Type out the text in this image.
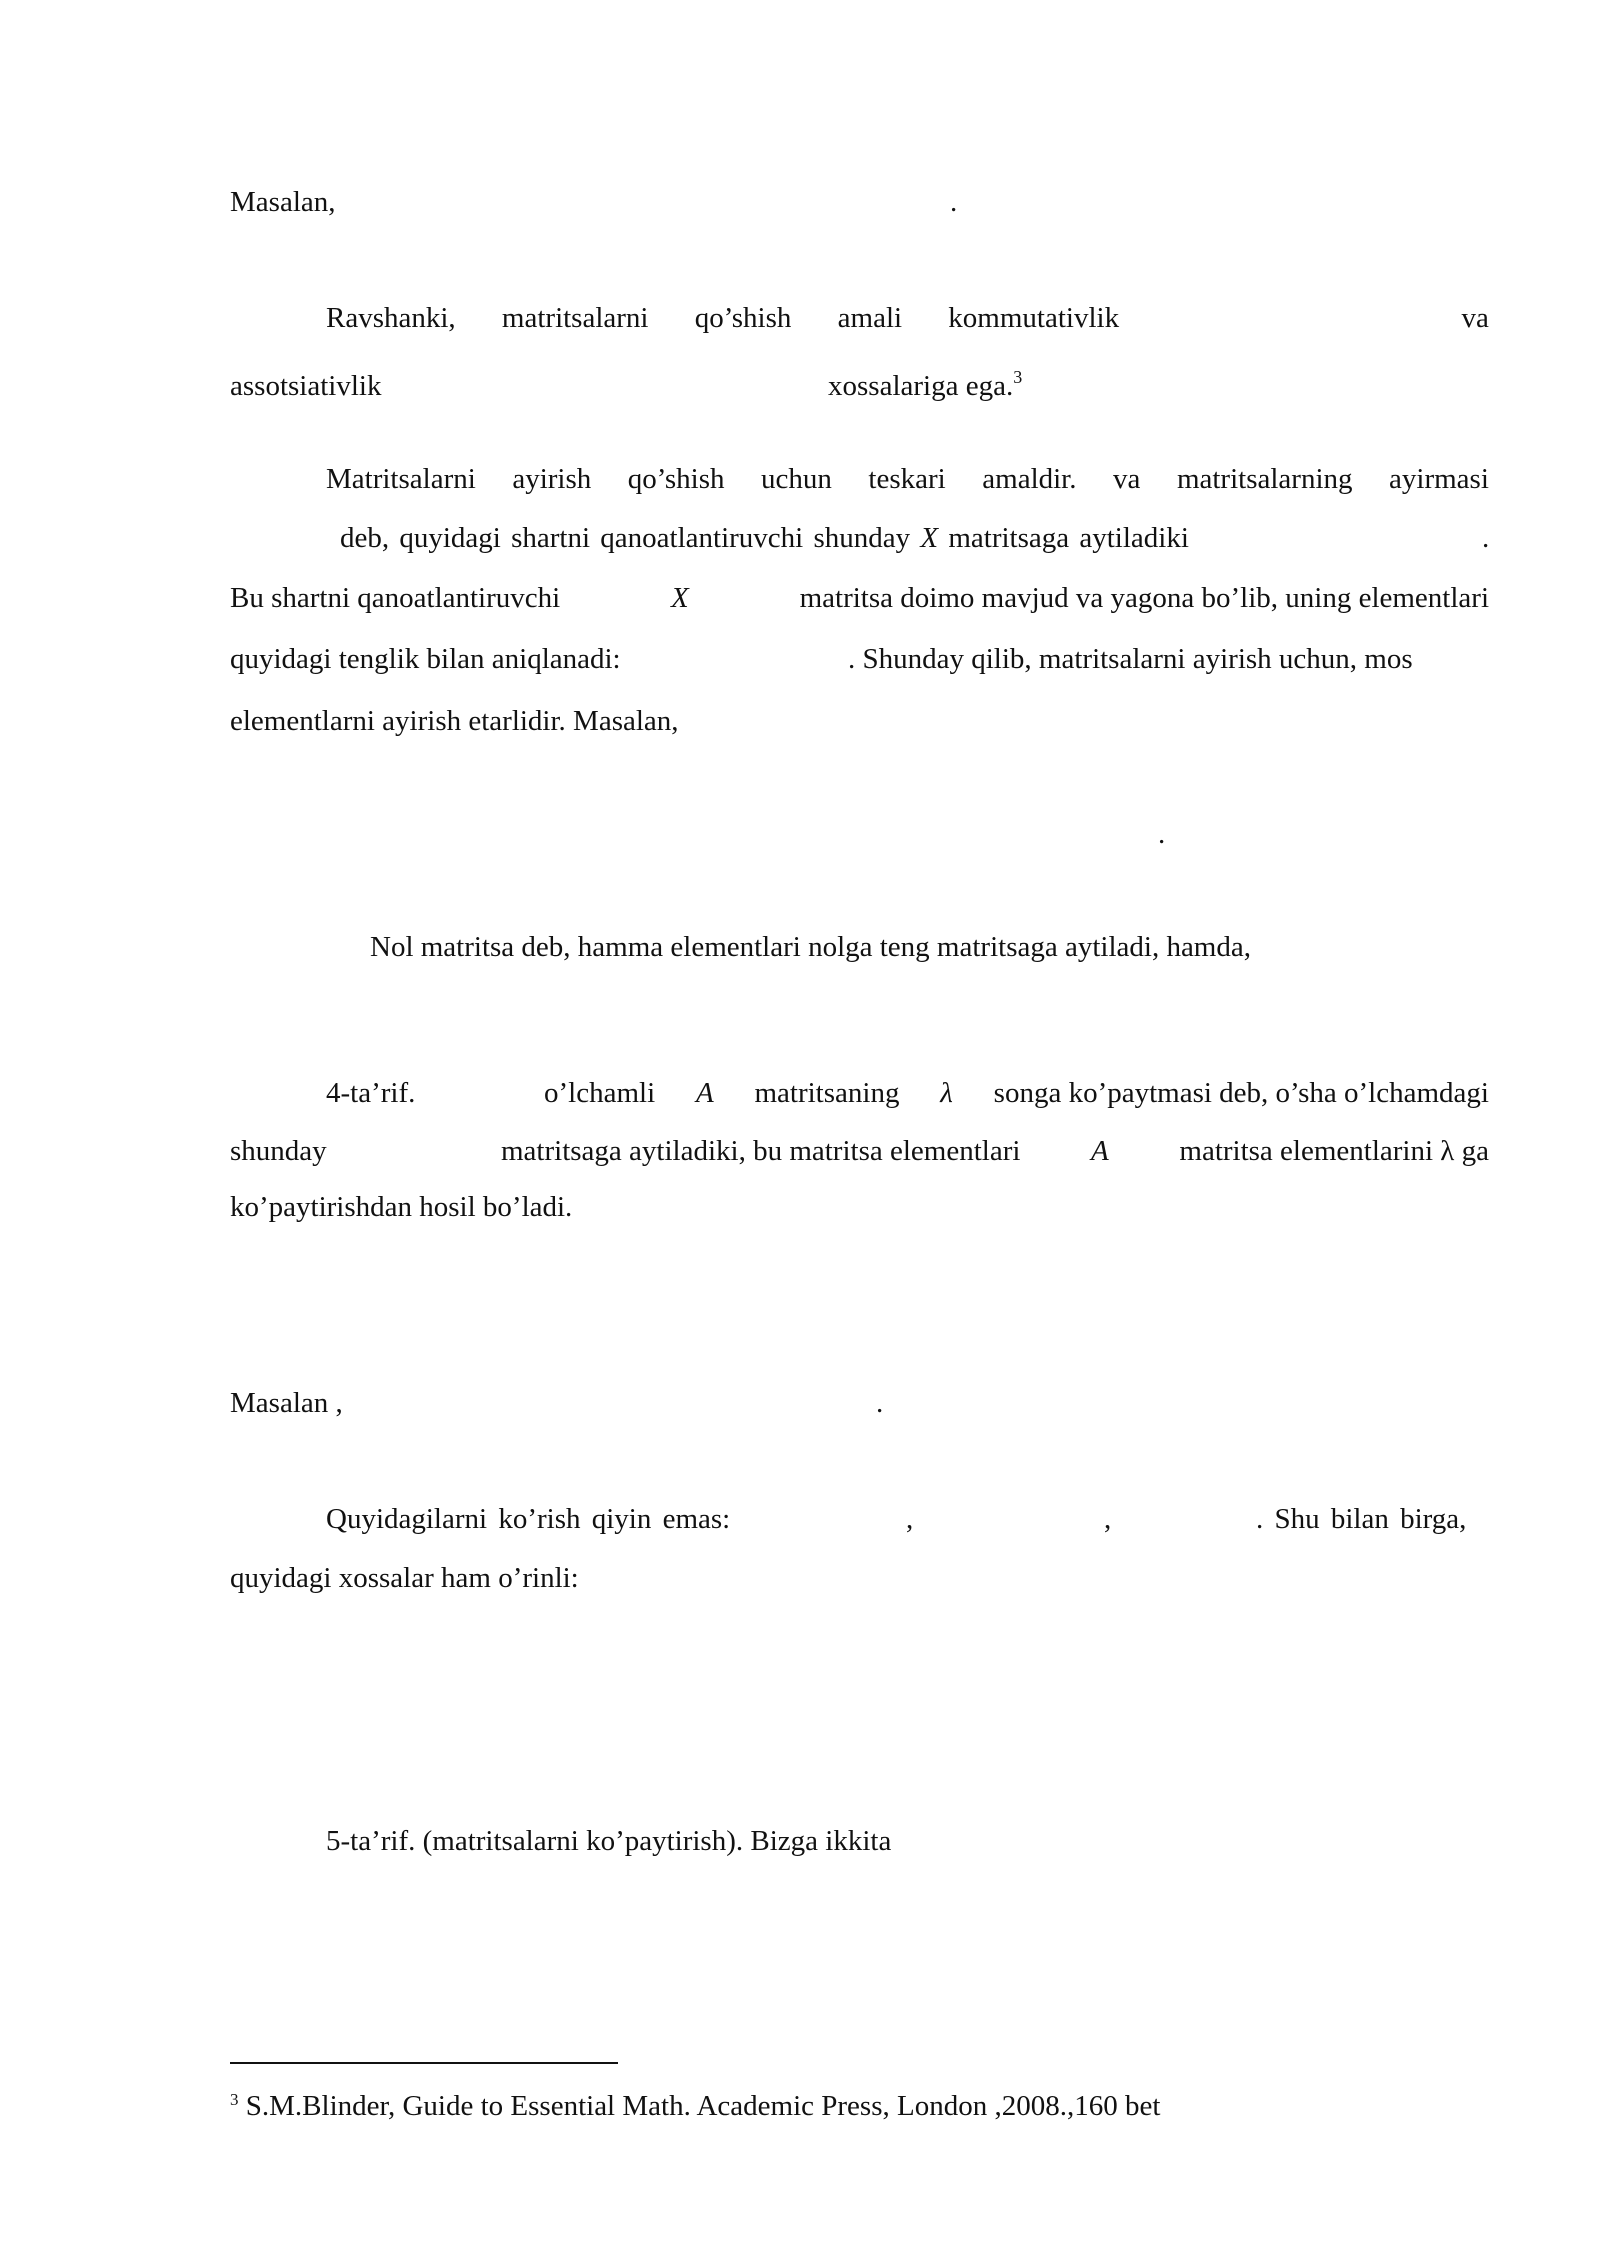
Masalan,	.
Ravshanki, matritsalarni qo’shish amali kommutativlik	va
assotsiativlik	xossalariga ega.$^3$
Matritsalarni ayirish qo’shish uchun teskari amaldir. va matritsalarning ayirmasi
deb, quyidagi shartni qanoatlantiruvchi shunday X matritsaga aytiladiki	.
Bu shartni qanoatlantiruvchi	X	matritsa doimo mavjud va yagona bo’lib, uning elementlari
quyidagi tenglik bilan aniqlanadi:	. Shunday qilib, matritsalarni ayirish uchun, mos
elementlarni ayirish etarlidir. Masalan,
.
Nol matritsa deb, hamma elementlari nolga teng matritsaga aytiladi, hamda,
4-ta’rif.	o’lchamli A matritsaning λ songa ko’paytmasi deb, o’sha o’lchamdagi
shunday	matritsaga aytiladiki, bu matritsa elementlari A matritsa elementlarini λ ga
ko’paytirishdan hosil bo’ladi.
Masalan ,	.
Quyidagilarni ko’rish qiyin emas:	,	,	. Shu bilan birga,
quyidagi xossalar ham o’rinli:
5-ta’rif. (matritsalarni ko’paytirish). Bizga ikkita
$^3$ S.M.Blinder, Guide to Essential Math. Academic Press, London ,2008.,160 bet
